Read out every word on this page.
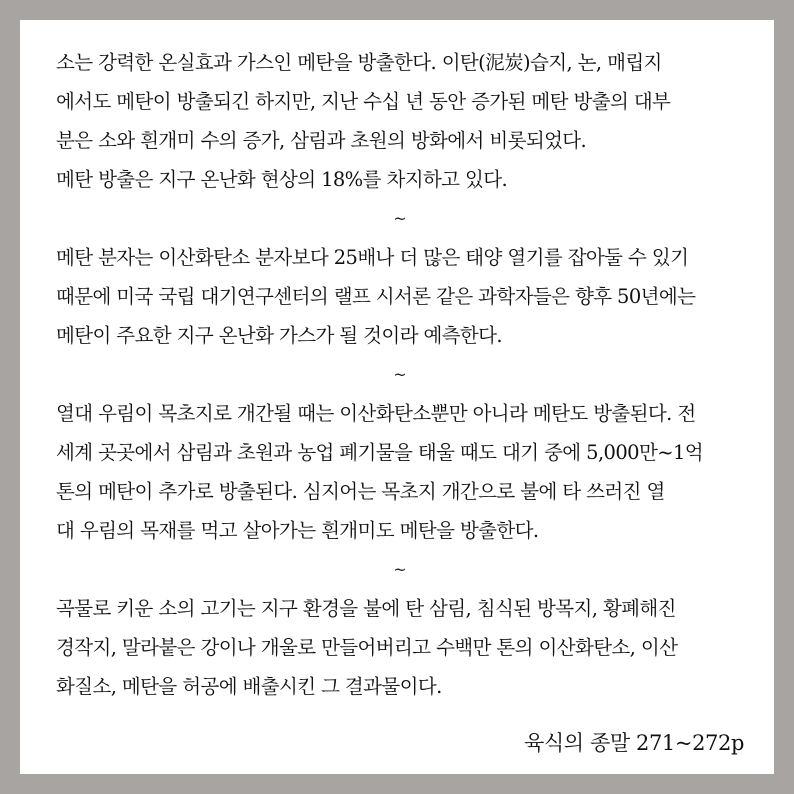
소는 강력한 온실효과 가스인 메탄을 방출한다. 이탄(泥炭)습지, 논, 매립지
에서도 메탄이 방출되긴 하지만, 지난 수십 년 동안 증가된 메탄 방출의 대부
분은 소와 흰개미 수의 증가, 삼림과 초원의 방화에서 비롯되었다.
메탄 방출은 지구 온난화 현상의 18%를 차지하고 있다.
~
메탄 분자는 이산화탄소 분자보다 25배나 더 많은 태양 열기를 잡아둘 수 있기
때문에 미국 국립 대기연구센터의 랠프 시서론 같은 과학자들은 향후 50년에는
메탄이 주요한 지구 온난화 가스가 될 것이라 예측한다.
~
열대 우림이 목초지로 개간될 때는 이산화탄소뿐만 아니라 메탄도 방출된다. 전
세계 곳곳에서 삼림과 초원과 농업 폐기물을 태울 때도 대기 중에 5,000만~1억
톤의 메탄이 추가로 방출된다. 심지어는 목초지 개간으로 불에 타 쓰러진 열
대 우림의 목재를 먹고 살아가는 흰개미도 메탄을 방출한다.
~
곡물로 키운 소의 고기는 지구 환경을 불에 탄 삼림, 침식된 방목지, 황폐해진
경작지, 말라붙은 강이나 개울로 만들어버리고 수백만 톤의 이산화탄소, 이산
화질소, 메탄을 허공에 배출시킨 그 결과물이다.
육식의 종말 271~272p
